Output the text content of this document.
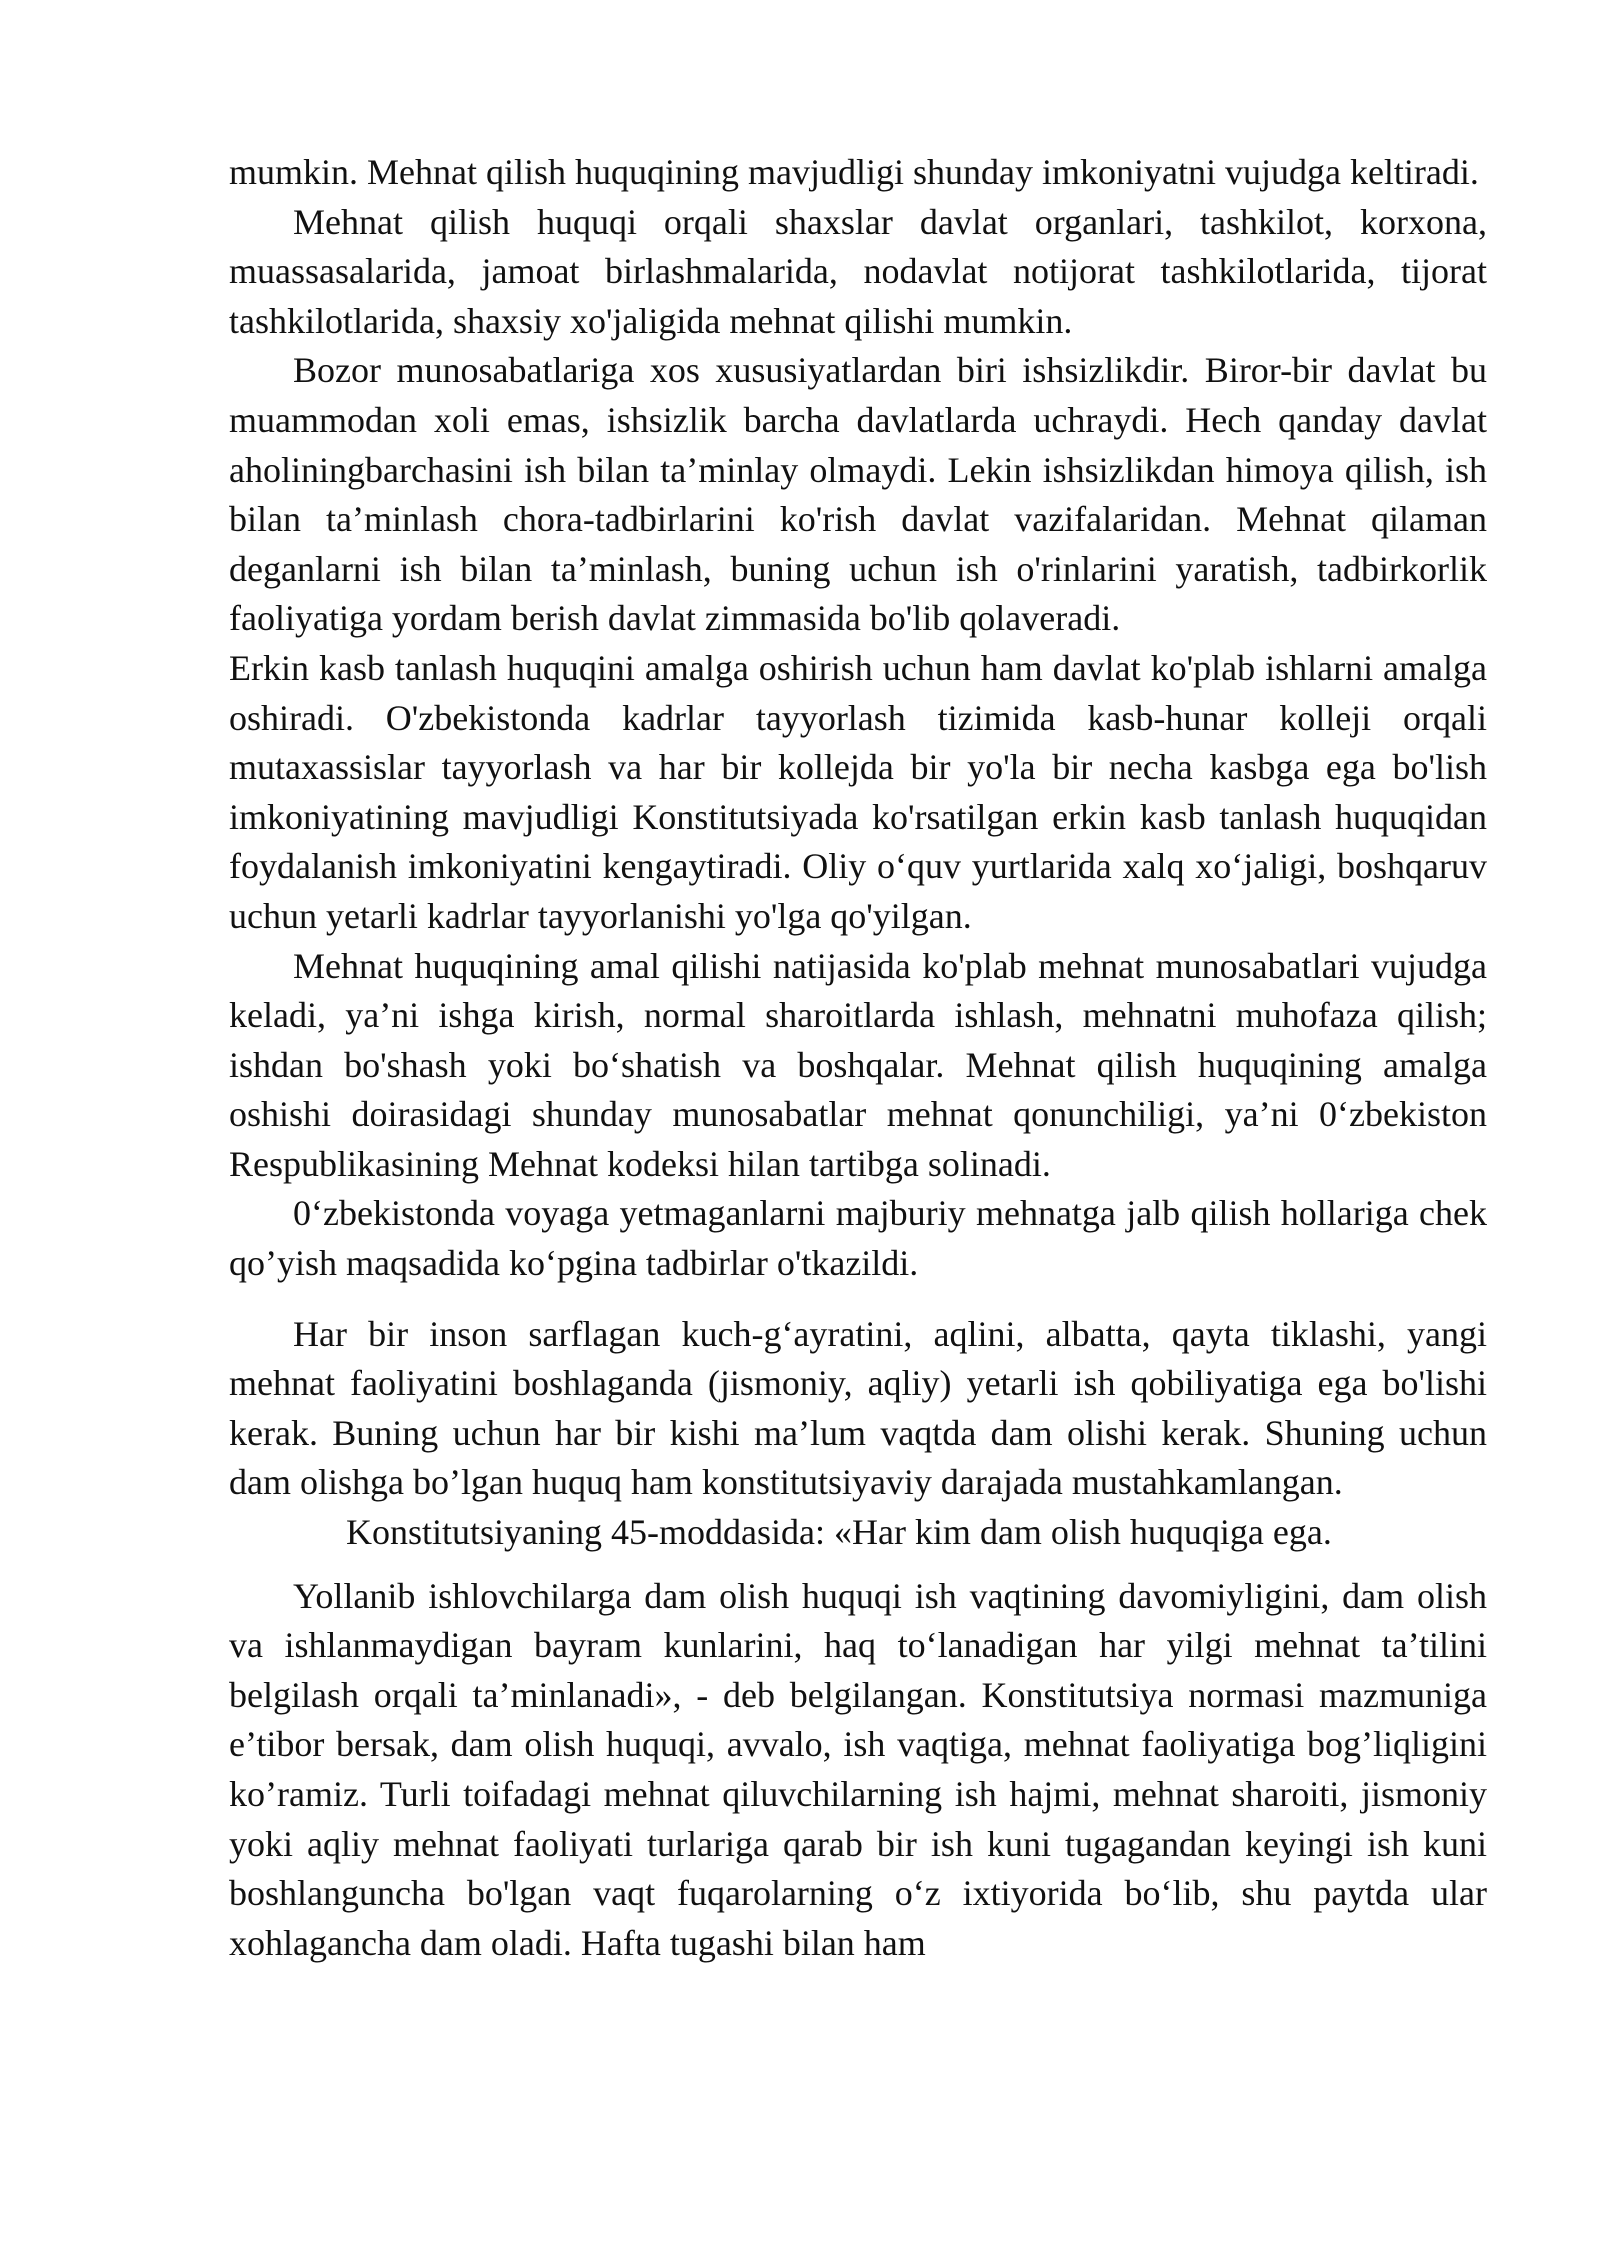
mumkin. Mehnat qilish huquqining mavjudligi shunday imkoniyatni vujudga keltiradi.

Mehnat qilish huquqi orqali shaxslar davlat organlari, tashkilot, korxona, muassasalarida, jamoat birlashmalarida, nodavlat notijorat tashkilotlarida, tijorat tashkilotlarida, shaxsiy xo'jaligida mehnat qilishi mumkin.

Bozor munosabatlariga xos xususiyatlardan biri ishsizlikdir. Biror-bir davlat bu muammodan xoli emas, ishsizlik barcha davlatlarda uchraydi. Hech qanday davlat aholiningbarchasini ish bilan ta’minlay olmaydi. Lekin ishsizlikdan himoya qilish, ish bilan ta’minlash chora-tadbirlarini ko'rish davlat vazifalaridan. Mehnat qilaman deganlarni ish bilan ta’minlash, buning uchun ish o'rinlarini yaratish, tadbirkorlik faoliyatiga yordam berish davlat zimmasida bo'lib qolaveradi.

Erkin kasb tanlash huquqini amalga oshirish uchun ham davlat ko'plab ishlarni amalga oshiradi. O'zbekistonda kadrlar tayyorlash tizimida kasb-hunar kolleji orqali mutaxassislar tayyorlash va har bir kollejda bir yo'la bir necha kasbga ega bo'lish imkoniyatining mavjudligi Konstitutsiyada ko'rsatilgan erkin kasb tanlash huquqidan foydalanish imkoniyatini kengaytiradi. Oliy o‘quv yurtlarida xalq xo‘jaligi, boshqaruv uchun yetarli kadrlar tayyorlanishi yo'lga qo'yilgan.

Mehnat huquqining amal qilishi natijasida ko'plab mehnat munosabatlari vujudga keladi, ya’ni ishga kirish, normal sharoitlarda ishlash, mehnatni muhofaza qilish; ishdan bo'shash yoki bo‘shatish va boshqalar. Mehnat qilish huquqining amalga oshishi doirasidagi shunday munosabatlar mehnat qonunchiligi, ya’ni 0‘zbekiston Respublikasining Mehnat kodeksi hilan tartibga solinadi.

0‘zbekistonda voyaga yetmaganlarni majburiy mehnatga jalb qilish hollariga chek qo’yish maqsadida ko‘pgina tadbirlar o'tkazildi.

Har bir inson sarflagan kuch-g‘ayratini, aqlini, albatta, qayta tiklashi, yangi mehnat faoliyatini boshlaganda (jismoniy, aqliy) yetarli ish qobiliyatiga ega bo'lishi kerak. Buning uchun har bir kishi ma’lum vaqtda dam olishi kerak. Shuning uchun dam olishga bo’lgan huquq ham konstitutsiyaviy darajada mustahkamlangan.

Konstitutsiyaning 45-moddasida: «Har kim dam olish huquqiga ega.

Yollanib ishlovchilarga dam olish huquqi ish vaqtining davomiyligini, dam olish va ishlanmaydigan bayram kunlarini, haq to‘lanadigan har yilgi mehnat ta’tilini belgilash orqali ta’minlanadi», - deb belgilangan. Konstitutsiya normasi mazmuniga e’tibor bersak, dam olish huquqi, avvalo, ish vaqtiga, mehnat faoliyatiga bog’liqligini ko’ramiz. Turli toifadagi mehnat qiluvchilarning ish hajmi, mehnat sharoiti, jismoniy yoki aqliy mehnat faoliyati turlariga qarab bir ish kuni tugagandan keyingi ish kuni boshlanguncha bo'lgan vaqt fuqarolarning o‘z ixtiyorida bo‘lib, shu paytda ular xohlagancha dam oladi. Hafta tugashi bilan ham
